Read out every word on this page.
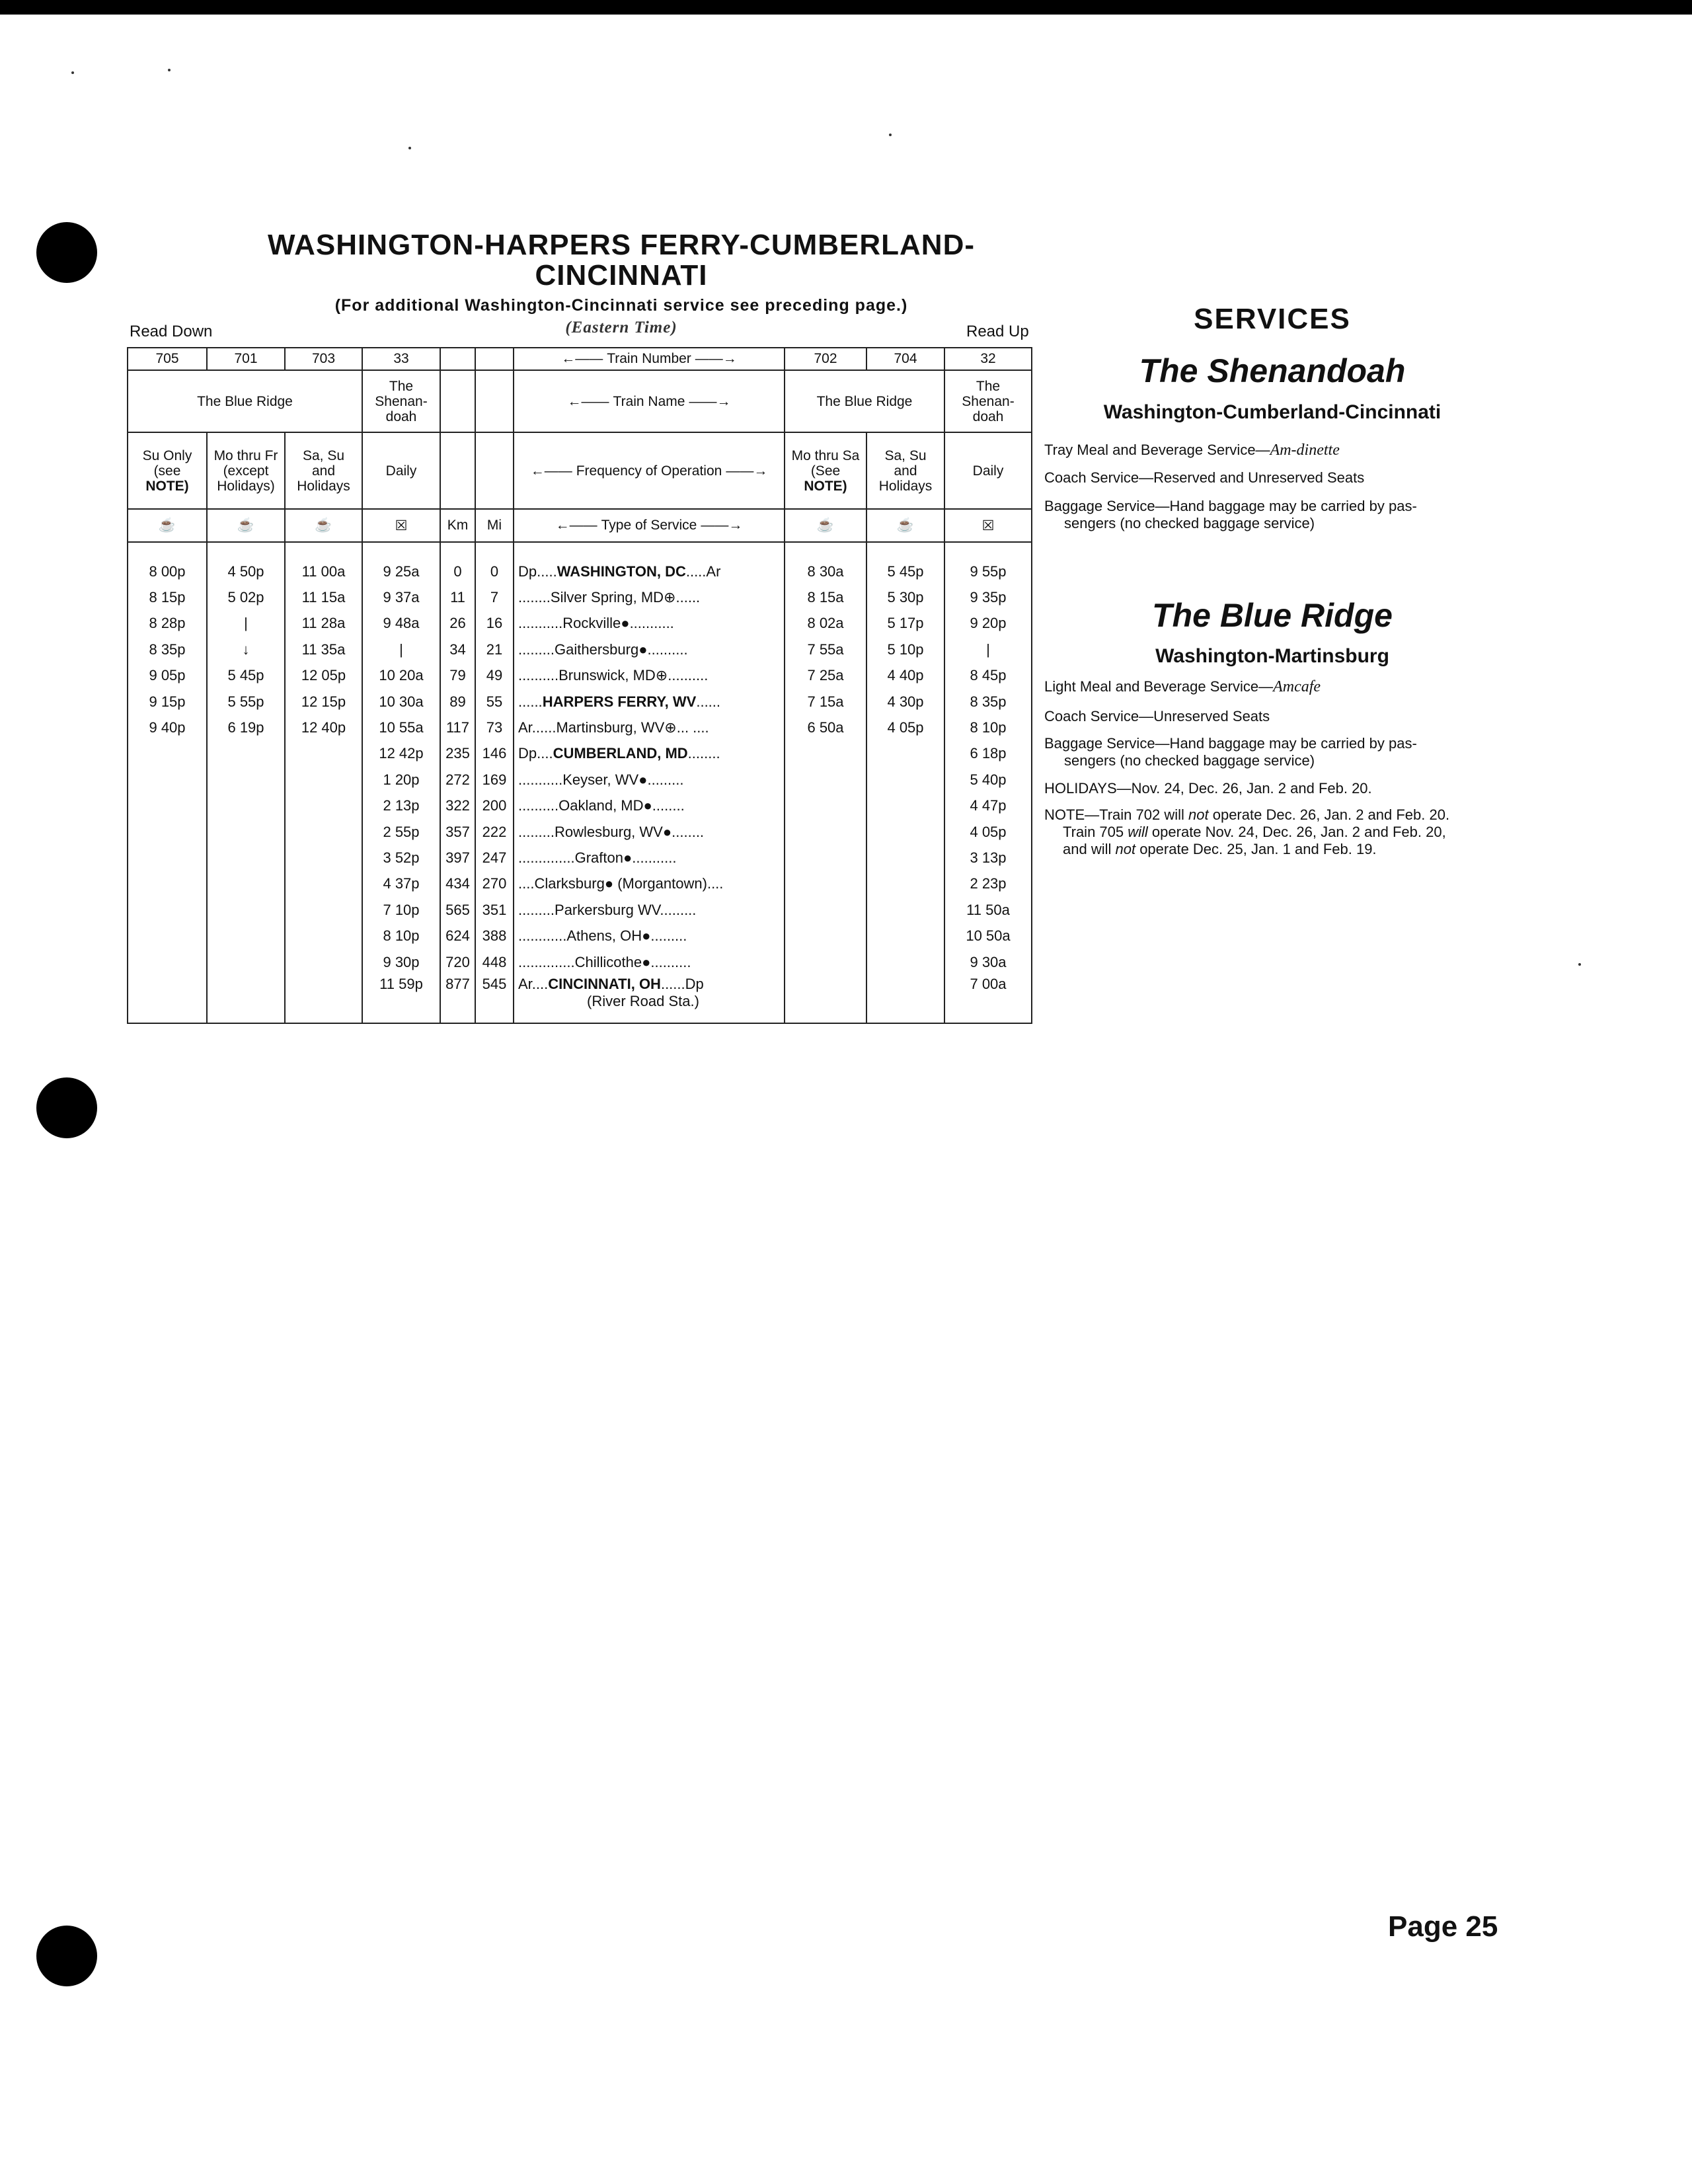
WASHINGTON-HARPERS FERRY-CUMBERLAND-
CINCINNATI
(For additional Washington-Cincinnati service see preceding page.)
(Eastern Time)
Read Down	Read Up
705	701	703	33			←—— Train Number ——→	702	704	32
The Blue Ridge			The
Shenan-
doah			←—— Train Name ——→	The Blue Ridge		The
Shenan-
doah
Su Only
(see
NOTE)	Mo thru Fr
(except
Holidays)	Sa, Su
and
Holidays	Daily			←—— Frequency of Operation ——→	Mo thru Sa
(See
NOTE)	Sa, Su
and
Holidays	Daily
☕	☕	☕	☒	Km	Mi	←—— Type of Service ——→	☕	☕	☒

8 00p	4 50p	11 00a	9 25a	0	0	Dp.....WASHINGTON, DC.....Ar	8 30a	5 45p	9 55p
8 15p	5 02p	11 15a	9 37a	11	7	........Silver Spring, MD⊕......	8 15a	5 30p	9 35p
8 28p	|	11 28a	9 48a	26	16	...........Rockville●...........	8 02a	5 17p	9 20p
8 35p	↓	11 35a	|	34	21	.........Gaithersburg●..........	7 55a	5 10p	|
9 05p	5 45p	12 05p	10 20a	79	49	..........Brunswick, MD⊕..........	7 25a	4 40p	8 45p
9 15p	5 55p	12 15p	10 30a	89	55	......HARPERS FERRY, WV......	7 15a	4 30p	8 35p
9 40p	6 19p	12 40p	10 55a	117	73	Ar......Martinsburg, WV⊕... ....	6 50a	4 05p	8 10p
			12 42p	235	146	Dp....CUMBERLAND, MD........			6 18p
			1 20p	272	169	...........Keyser, WV●.........			5 40p
			2 13p	322	200	..........Oakland, MD●........			4 47p
			2 55p	357	222	.........Rowlesburg, WV●........			4 05p
			3 52p	397	247	..............Grafton●...........			3 13p
			4 37p	434	270	....Clarksburg● (Morgantown)....			2 23p
			7 10p	565	351	.........Parkersburg WV.........			11 50a
			8 10p	624	388	............Athens, OH●.........			10 50a
			9 30p	720	448	..............Chillicothe●..........			9 30a
			11 59p	877	545	Ar....CINCINNATI, OH......Dp
(River Road Sta.)			7 00a
SERVICES
The Shenandoah
Washington-Cumberland-Cincinnati
Tray Meal and Beverage Service—Am-dinette
Coach Service—Reserved and Unreserved Seats
Baggage Service—Hand baggage may be carried by pas-
sengers (no checked baggage service)
The Blue Ridge
Washington-Martinsburg
Light Meal and Beverage Service—Amcafe
Coach Service—Unreserved Seats
Baggage Service—Hand baggage may be carried by pas-
sengers (no checked baggage service)
HOLIDAYS—Nov. 24, Dec. 26, Jan. 2 and Feb. 20.
NOTE—Train 702 will not operate Dec. 26, Jan. 2 and Feb. 20.
Train 705 will operate Nov. 24, Dec. 26, Jan. 2 and Feb. 20,
and will not operate Dec. 25, Jan. 1 and Feb. 19.
Page 25
